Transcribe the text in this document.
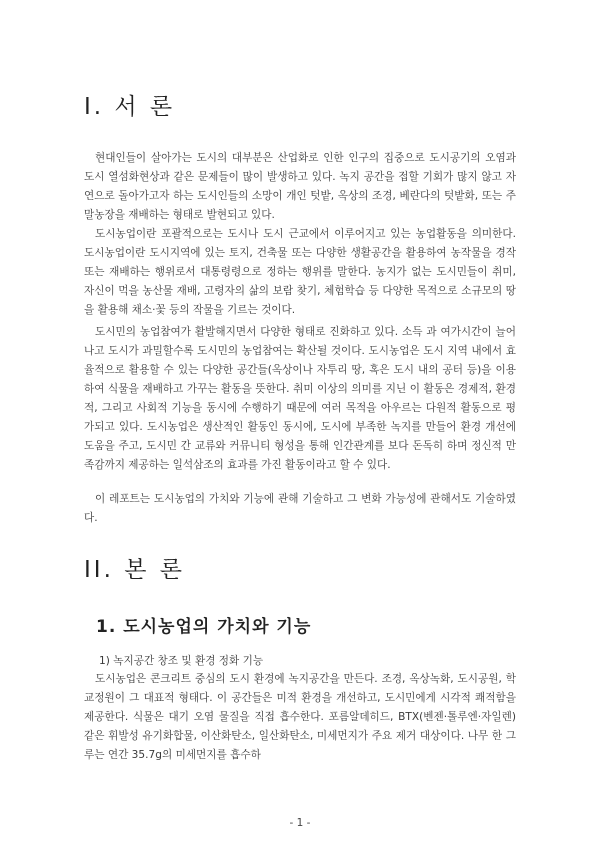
I. 서 론

현대인들이 살아가는 도시의 대부분은 산업화로 인한 인구의 집중으로 도시공기의 오염과 도시 열섬화현상과 같은 문제들이 많이 발생하고 있다. 녹지 공간을 접할 기회가 많지 않고 자연으로 돌아가고자 하는 도시인들의 소망이 개인 텃밭, 옥상의 조경, 베란다의 텃밭화, 또는 주말농장을 재배하는 형태로 발현되고 있다.

도시농업이란 포괄적으로는 도시나 도시 근교에서 이루어지고 있는 농업활동을 의미한다. 도시농업이란 도시지역에 있는 토지, 건축물 또는 다양한 생활공간을 활용하여 농작물을 경작 또는 재배하는 행위로서 대통령령으로 정하는 행위를 말한다. 농지가 없는 도시민들이 취미, 자신이 먹을 농산물 재배, 고령자의 삶의 보람 찾기, 체험학습 등 다양한 목적으로 소규모의 땅을 활용해 채소·꽃 등의 작물을 기르는 것이다.

도시민의 농업참여가 활발해지면서 다양한 형태로 진화하고 있다. 소득 과 여가시간이 늘어나고 도시가 과밀할수록 도시민의 농업참여는 확산될 것이다. 도시농업은 도시 지역 내에서 효율적으로 활용할 수 있는 다양한 공간들(옥상이나 자투리 땅, 혹은 도시 내의 공터 등)을 이용하여 식물을 재배하고 가꾸는 활동을 뜻한다. 취미 이상의 의미를 지닌 이 활동은 경제적, 환경적, 그리고 사회적 기능을 동시에 수행하기 때문에 여러 목적을 아우르는 다원적 활동으로 평가되고 있다. 도시농업은 생산적인 활동인 동시에, 도시에 부족한 녹지를 만들어 환경 개선에 도움을 주고, 도시민 간 교류와 커뮤니티 형성을 통해 인간관계를 보다 돈독히 하며 정신적 만족감까지 제공하는 일석삼조의 효과를 가진 활동이라고 할 수 있다.

이 레포트는 도시농업의 가치와 기능에 관해 기술하고 그 변화 가능성에 관해서도 기술하였다.

II. 본 론
1. 도시농업의 가치와 기능

1) 녹지공간 창조 및 환경 정화 기능

도시농업은 콘크리트 중심의 도시 환경에 녹지공간을 만든다. 조경, 옥상녹화, 도시공원, 학교정원이 그 대표적 형태다. 이 공간들은 미적 환경을 개선하고, 도시민에게 시각적 쾌적함을 제공한다. 식물은 대기 오염 물질을 직접 흡수한다. 포름알데히드, BTX(벤젠·톨루엔·자일렌) 같은 휘발성 유기화합물, 이산화탄소, 일산화탄소, 미세먼지가 주요 제거 대상이다. 나무 한 그루는 연간 35.7g의 미세먼지를 흡수하

- 1 -
